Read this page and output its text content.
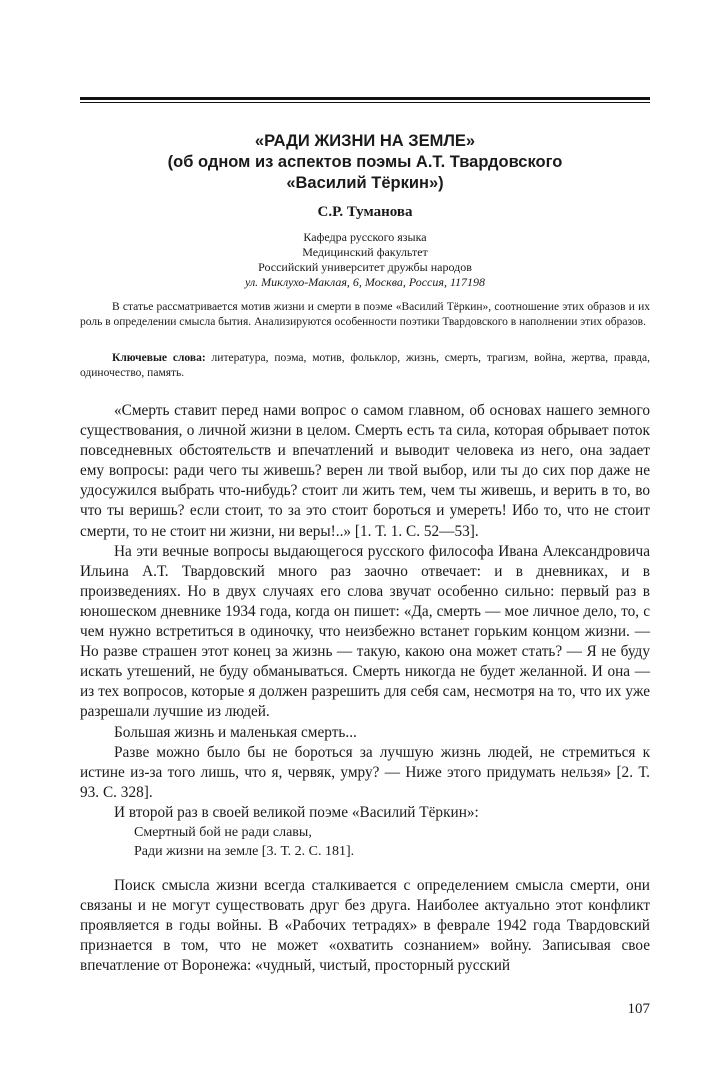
«РАДИ ЖИЗНИ НА ЗЕМЛЕ»
(об одном из аспектов поэмы А.Т. Твардовского
«Василий Тёркин»)
С.Р. Туманова
Кафедра русского языка
Медицинский факультет
Российский университет дружбы народов
ул. Миклухо-Маклая, 6, Москва, Россия, 117198

В статье рассматривается мотив жизни и смерти в поэме «Василий Тёркин», соотношение этих образов и их роль в определении смысла бытия. Анализируются особенности поэтики Твардовского в наполнении этих образов.

Ключевые слова: литература, поэма, мотив, фольклор, жизнь, смерть, трагизм, война, жертва, правда, одиночество, память.

«Смерть ставит перед нами вопрос о самом главном, об основах нашего земного существования, о личной жизни в целом. Смерть есть та сила, которая обрывает поток повседневных обстоятельств и впечатлений и выводит человека из него, она задает ему вопросы: ради чего ты живешь? верен ли твой выбор, или ты до сих пор даже не удосужился выбрать что-нибудь? стоит ли жить тем, чем ты живешь, и верить в то, во что ты веришь? если стоит, то за это стоит бороться и умереть! Ибо то, что не стоит смерти, то не стоит ни жизни, ни веры!..» [1. Т. 1. С. 52—53].

На эти вечные вопросы выдающегося русского философа Ивана Александровича Ильина А.Т. Твардовский много раз заочно отвечает: и в дневниках, и в произведениях. Но в двух случаях его слова звучат особенно сильно: первый раз в юношеском дневнике 1934 года, когда он пишет: «Да, смерть — мое личное дело, то, с чем нужно встретиться в одиночку, что неизбежно встанет горьким концом жизни. — Но разве страшен этот конец за жизнь — такую, какою она может стать? — Я не буду искать утешений, не буду обманываться. Смерть никогда не будет желанной. И она — из тех вопросов, которые я должен разрешить для себя сам, несмотря на то, что их уже разрешали лучшие из людей.

Большая жизнь и маленькая смерть...

Разве можно было бы не бороться за лучшую жизнь людей, не стремиться к истине из-за того лишь, что я, червяк, умру? — Ниже этого придумать нельзя» [2. Т. 93. С. 328].

И второй раз в своей великой поэме «Василий Тёркин»:

Смертный бой не ради славы,
Ради жизни на земле [3. Т. 2. С. 181].

Поиск смысла жизни всегда сталкивается с определением смысла смерти, они связаны и не могут существовать друг без друга. Наиболее актуально этот конфликт проявляется в годы войны. В «Рабочих тетрадях» в феврале 1942 года Твардовский признается в том, что не может «охватить сознанием» войну. Записывая свое впечатление от Воронежа: «чудный, чистый, просторный русский

107
